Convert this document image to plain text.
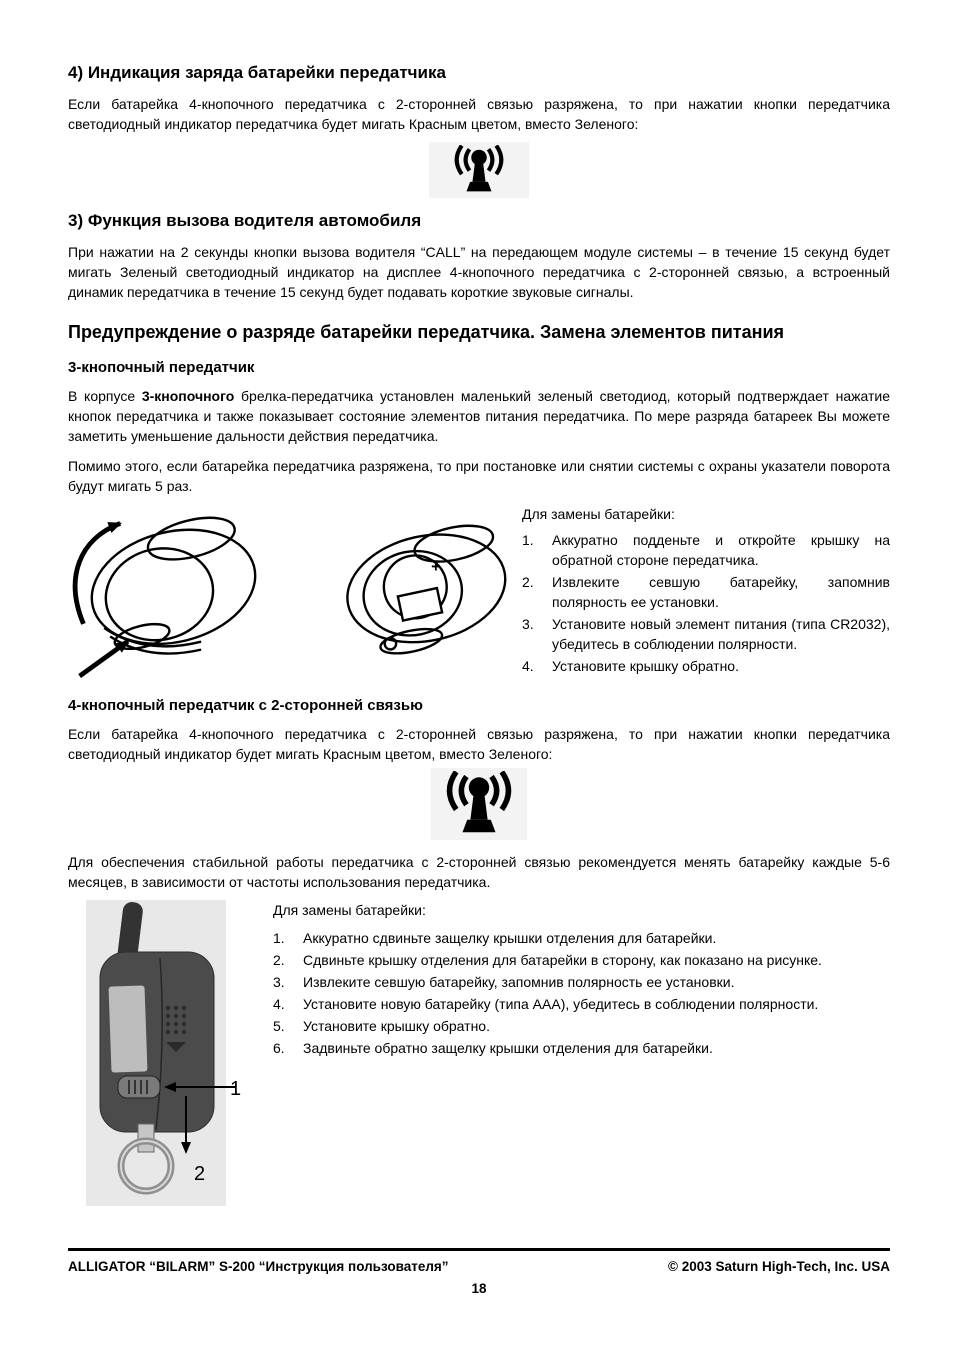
4) Индикация заряда батарейки передатчика

Если батарейка 4-кнопочного передатчика с 2-сторонней связью разряжена, то при нажатии кнопки передатчика светодиодный индикатор передатчика будет мигать Красным цветом, вместо Зеленого:

3) Функция вызова водителя автомобиля

При нажатии на 2 секунды кнопки вызова водителя “CALL” на передающем модуле системы – в течение 15 секунд будет мигать Зеленый светодиодный индикатор на дисплее 4-кнопочного передатчика с 2-сторонней связью, а встроенный динамик передатчика в течение 15 секунд будет подавать короткие звуковые сигналы.

Предупреждение о разряде батарейки передатчика. Замена элементов питания
3-кнопочный передатчик

В корпусе 3-кнопочного брелка-передатчика установлен маленький зеленый светодиод, который подтверждает нажатие кнопок передатчика и также показывает состояние элементов питания передатчика. По мере разряда батареек Вы можете заметить уменьшение дальности действия передатчика.

Помимо этого, если батарейка передатчика разряжена, то при постановке или снятии системы с охраны указатели поворота будут мигать 5 раз.

+
Для замены батарейки:
Аккуратно подденьте и откройте крышку на обратной стороне передатчика.
Извлеките севшую батарейку, запомнив полярность ее установки.
Установите новый элемент питания (типа CR2032), убедитесь в соблюдении полярности.
Установите крышку обратно.
4-кнопочный передатчик с 2-сторонней связью

Если батарейка 4-кнопочного передатчика с 2-сторонней связью разряжена, то при нажатии кнопки передатчика светодиодный индикатор будет мигать Красным цветом, вместо Зеленого:

Для обеспечения стабильной работы передатчика с 2-сторонней связью рекомендуется менять батарейку каждые 5-6 месяцев, в зависимости от частоты использования передатчика.

1
2
Для замены батарейки:
Аккуратно сдвиньте защелку крышки отделения для батарейки.
Сдвиньте крышку отделения для батарейки в сторону, как показано на рисунке.
Извлеките севшую батарейку, запомнив полярность ее установки.
Установите новую батарейку (типа AAA), убедитесь в соблюдении полярности.
Установите крышку обратно.
Задвиньте обратно защелку крышки отделения для батарейки.
ALLIGATOR “BILARM” S-200 “Инструкция пользователя”	© 2003 Saturn High-Tech, Inc. USA
18
